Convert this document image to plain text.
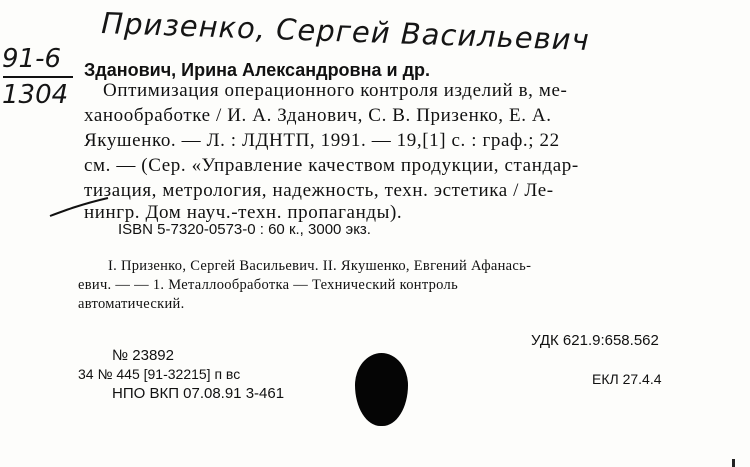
Призенко, Сергей Васильевич
91-6
1304
Зданович, Ирина Александровна и др.
Оптимизация операционного контроля изделий в, ме-
ханообработке / И. А. Зданович, С. В. Призенко, Е. А.
Якушенко. — Л. : ЛДНТП, 1991. — 19,[1] с. : граф.; 22
см. — (Сер. «Управление качеством продукции, стандар-
тизация, метрология, надежность, техн. эстетика / Ле-
нингр. Дом науч.-техн. пропаганды).
ISBN 5-7320-0573-0 : 60 к., 3000 экз.
I. Призенко, Сергей Васильевич. II. Якушенко, Евгений Афанась-
евич. — — 1. Металлообработка — Технический контроль
автоматический.
УДК 621.9:658.562
№ 23892
34 № 445 [91-32215] п вс	ЕКЛ 27.4.4
НПО ВКП 07.08.91 3-461
